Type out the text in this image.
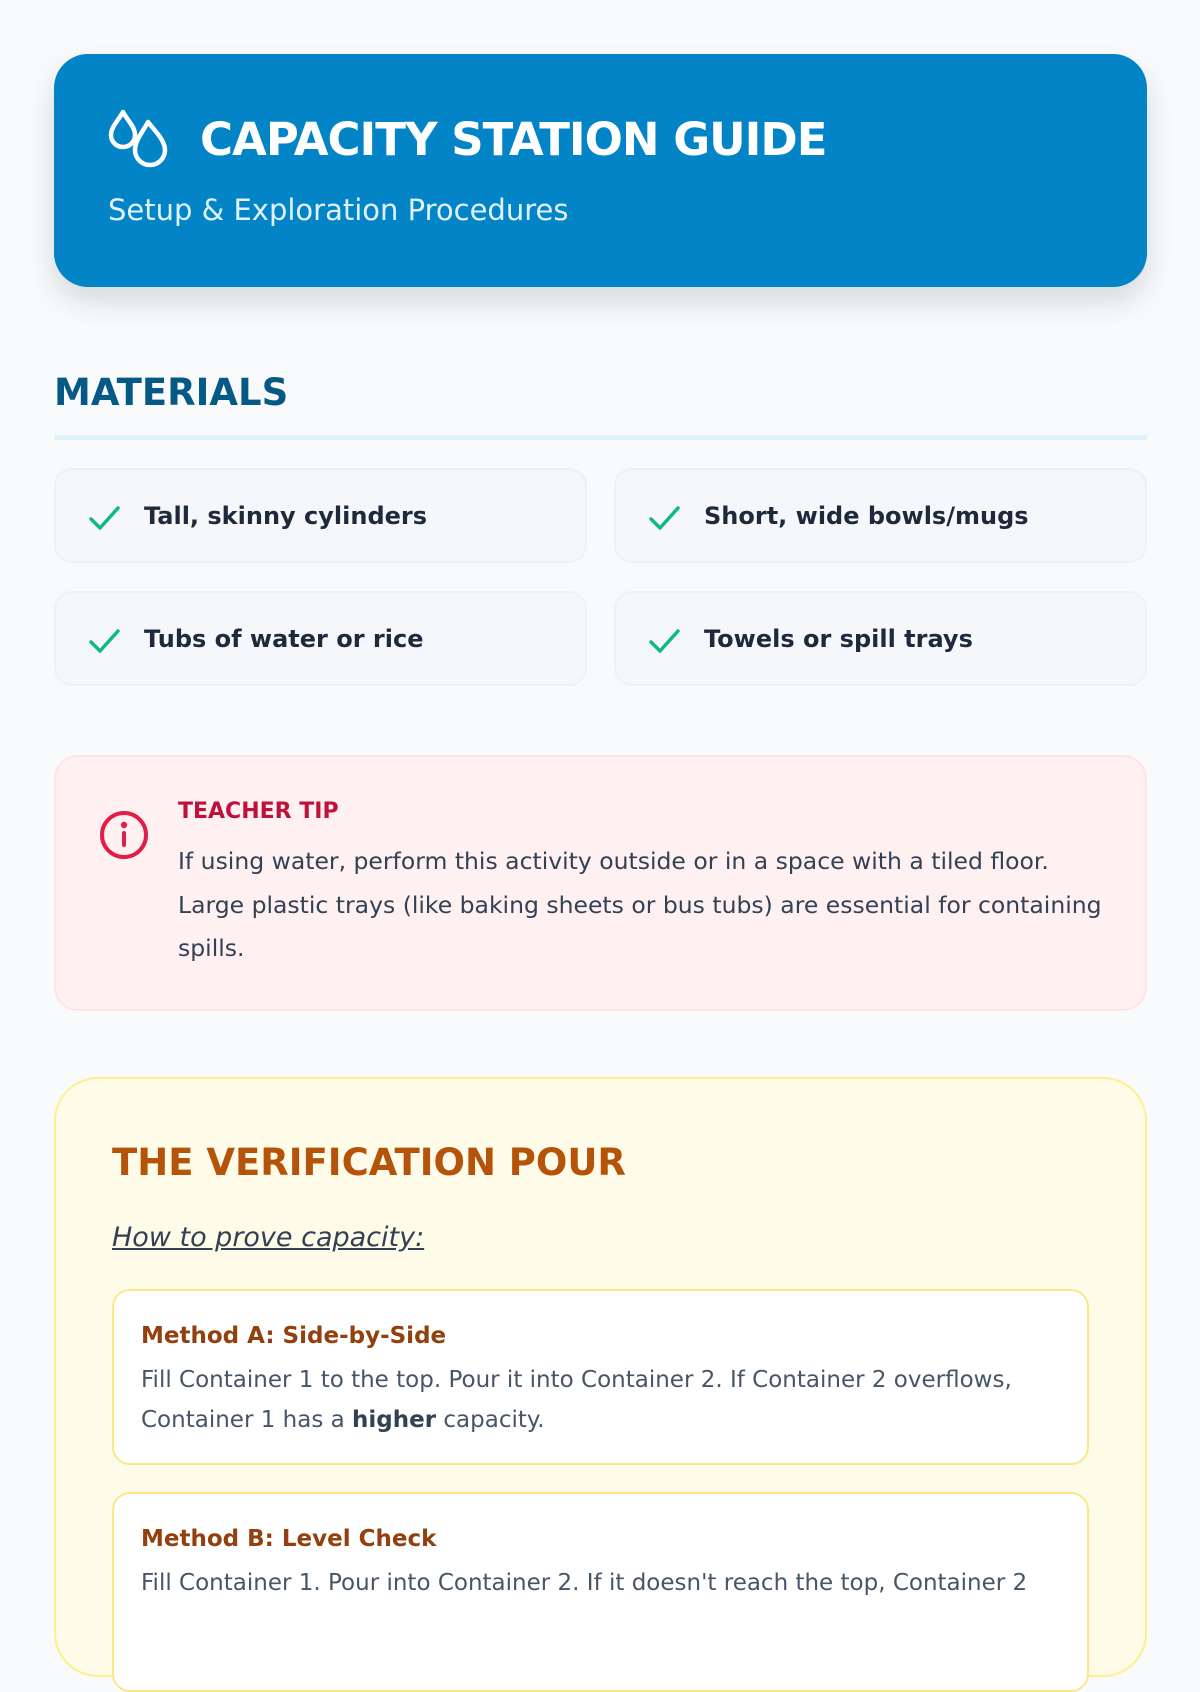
CAPACITY STATION GUIDE
Setup & Exploration Procedures
MATERIALS
Tall, skinny cylinders	Short, wide bowls/mugs
Tubs of water or rice	Towels or spill trays
TEACHER TIP
If using water, perform this activity outside or in a space with a tiled floor. Large plastic trays (like baking sheets or bus tubs) are essential for containing spills.
THE VERIFICATION POUR
How to prove capacity:
Method A: Side-by-Side
Fill Container 1 to the top. Pour it into Container 2. If Container 2 overflows, Container 1 has a higher capacity.
Method B: Level Check
Fill Container 1. Pour into Container 2. If it doesn't reach the top, Container 2
